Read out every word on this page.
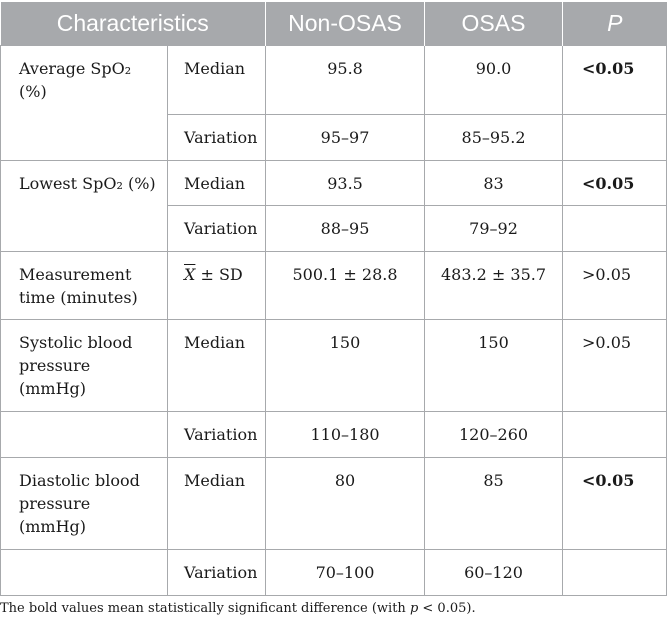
Characteristics		Non-OSAS	OSAS	P

Average SpO₂ (%)	Median	95.8	90.0	<0.05

	Variation	95–97	85–95.2	

Lowest SpO₂ (%)	Median	93.5	83	<0.05

	Variation	88–95	79–92	

Measurement time (minutes)	$\overline{X}$ ± SD	500.1 ± 28.8	483.2 ± 35.7	>0.05

Systolic blood pressure (mmHg)	Median	150	150	>0.05

	Variation	110–180	120–260	

Diastolic blood pressure (mmHg)	Median	80	85	<0.05

	Variation	70–100	60–120	

The bold values mean statistically significant difference (with p < 0.05).
